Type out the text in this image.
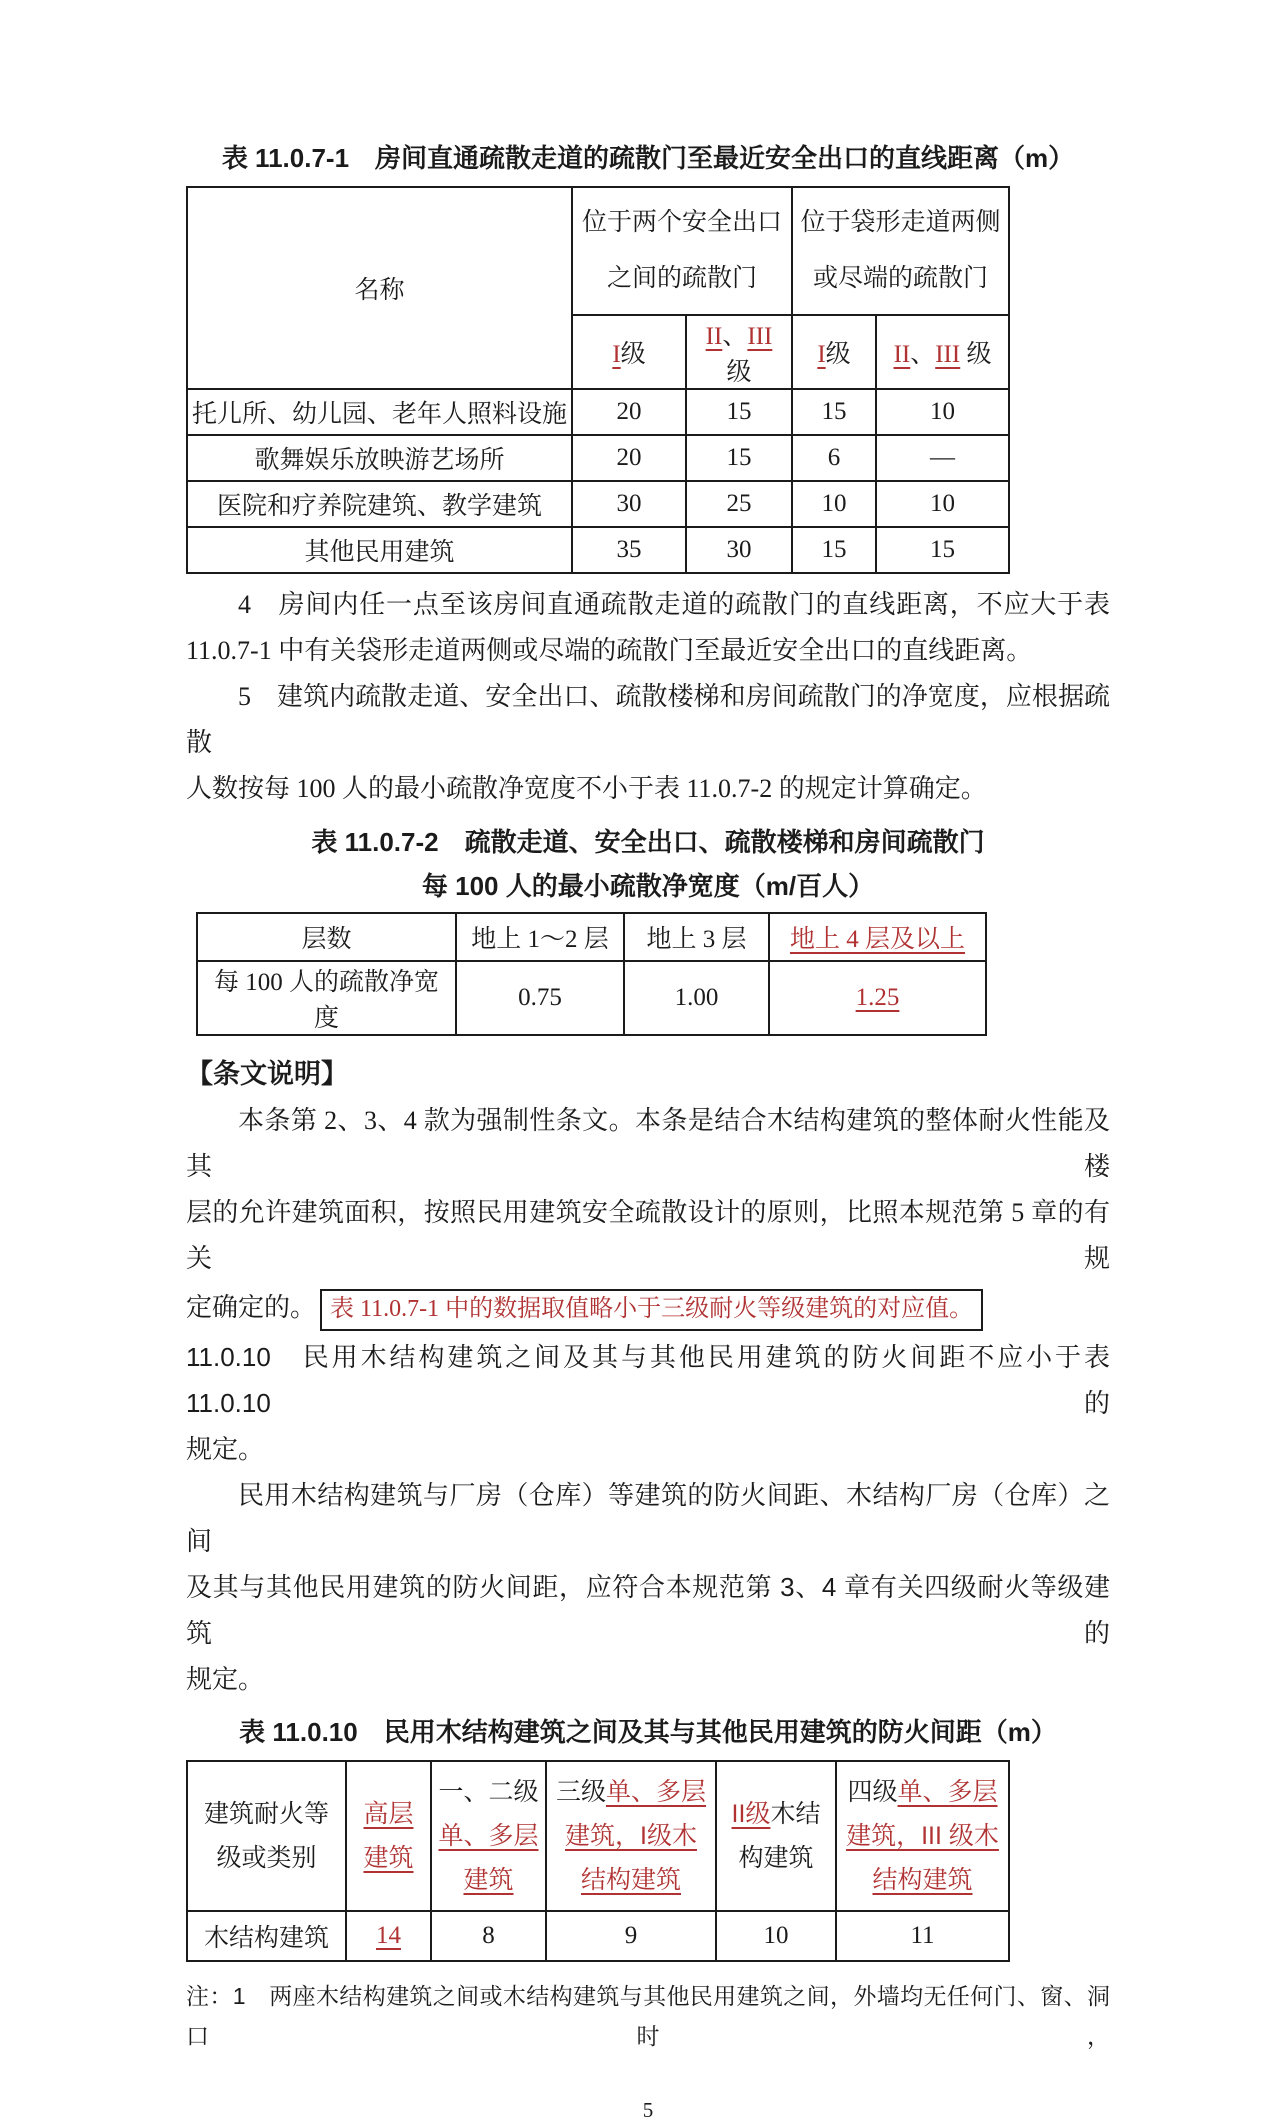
表 11.0.7-1　房间直通疏散走道的疏散门至最近安全出口的直线距离（m）
名称	
位于两个安全出口
之间的疏散门

位于袋形走道两侧
或尽端的疏散门

	I级	II、III 级	I级	II、III 级
托儿所、幼儿园、老年人照料设施	20	15	15	10
歌舞娱乐放映游艺场所	20	15	6	—
医院和疗养院建筑、教学建筑	30	25	10	10
其他民用建筑	35	30	15	15
4　房间内任一点至该房间直通疏散走道的疏散门的直线距离，不应大于表
11.0.7-1 中有关袋形走道两侧或尽端的疏散门至最近安全出口的直线距离。
5　建筑内疏散走道、安全出口、疏散楼梯和房间疏散门的净宽度，应根据疏散
人数按每 100 人的最小疏散净宽度不小于表 11.0.7-2 的规定计算确定。
表 11.0.7-2　疏散走道、安全出口、疏散楼梯和房间疏散门
每 100 人的最小疏散净宽度（m/百人）
层数	地上 1～2 层	地上 3 层	地上 4 层及以上
每 100 人的疏散净宽度	0.75	1.00	1.25
【条文说明】
本条第 2、3、4 款为强制性条文。本条是结合木结构建筑的整体耐火性能及其楼
层的允许建筑面积，按照民用建筑安全疏散设计的原则，比照本规范第 5 章的有关规
定确定的。 表 11.0.7-1 中的数据取值略小于三级耐火等级建筑的对应值。
11.0.10　民用木结构建筑之间及其与其他民用建筑的防火间距不应小于表 11.0.10 的
规定。
民用木结构建筑与厂房（仓库）等建筑的防火间距、木结构厂房（仓库）之间
及其与其他民用建筑的防火间距，应符合本规范第 3、4 章有关四级耐火等级建筑的
规定。
表 11.0.10　民用木结构建筑之间及其与其他民用建筑的防火间距（m）
建筑耐火等级或类别	高层建筑	一、二级单、多层建筑	三级单、多层建筑，I级木结构建筑	II级木结构建筑	四级单、多层建筑，III 级木结构建筑
木结构建筑	14	8	9	10	11
注：1　两座木结构建筑之间或木结构建筑与其他民用建筑之间，外墙均无任何门、窗、洞口时，
5
